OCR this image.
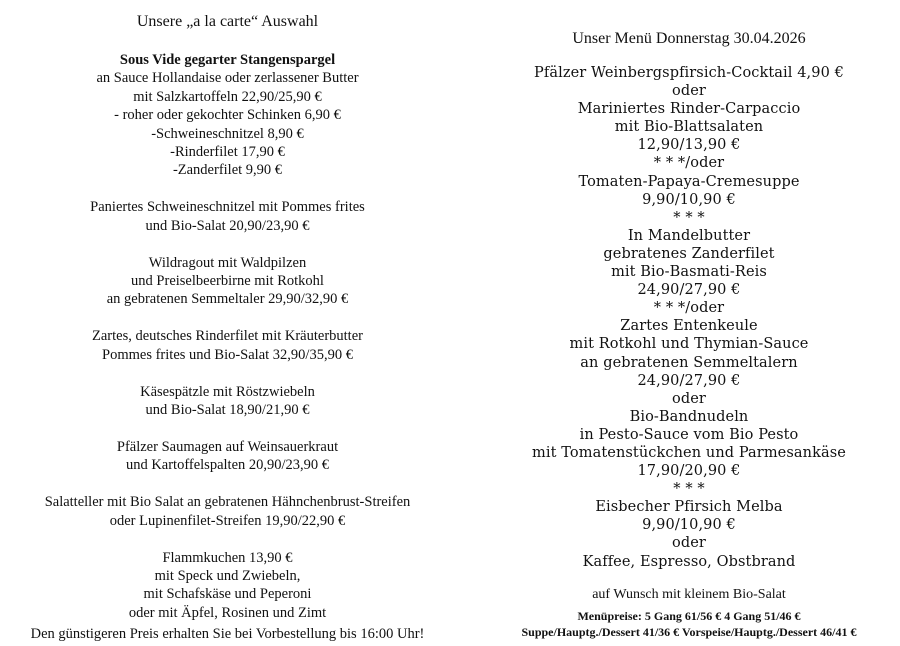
Unsere „a la carte“ Auswahl
Sous Vide gegarter Stangenspargel
an Sauce Hollandaise oder zerlassener Butter
mit Salzkartoffeln 22,90/25,90 €
- roher oder gekochter Schinken 6,90 €
-Schweineschnitzel 8,90 €
-Rinderfilet 17,90 €
-Zanderfilet 9,90 €
Paniertes Schweineschnitzel mit Pommes frites
und Bio-Salat 20,90/23,90 €
Wildragout mit Waldpilzen
und Preiselbeerbirne mit Rotkohl
an gebratenen Semmeltaler 29,90/32,90 €
Zartes, deutsches Rinderfilet mit Kräuterbutter
Pommes frites und Bio-Salat 32,90/35,90 €
Käsespätzle mit Röstzwiebeln
und Bio-Salat 18,90/21,90 €
Pfälzer Saumagen auf Weinsauerkraut
und Kartoffelspalten 20,90/23,90 €
Salatteller mit Bio Salat an gebratenen Hähnchenbrust-Streifen
oder Lupinenfilet-Streifen 19,90/22,90 €
Flammkuchen 13,90 €
mit Speck und Zwiebeln,
mit Schafskäse und Peperoni
oder mit Äpfel, Rosinen und Zimt
Den günstigeren Preis erhalten Sie bei Vorbestellung bis 16:00 Uhr!
Unser Menü Donnerstag 30.04.2026
Pfälzer Weinbergspfirsich-Cocktail 4,90 €
oder
Mariniertes Rinder-Carpaccio
mit Bio-Blattsalaten
12,90/13,90 €
* * */oder
Tomaten-Papaya-Cremesuppe
9,90/10,90 €
* * *
In Mandelbutter
gebratenes Zanderfilet
mit Bio-Basmati-Reis
24,90/27,90 €
* * */oder
Zartes Entenkeule
mit Rotkohl und Thymian-Sauce
an gebratenen Semmeltalern
24,90/27,90 €
oder
Bio-Bandnudeln
in Pesto-Sauce vom Bio Pesto
mit Tomatenstückchen und Parmesankäse
17,90/20,90 €
* * *
Eisbecher Pfirsich Melba
9,90/10,90 €
oder
Kaffee, Espresso, Obstbrand
auf Wunsch mit kleinem Bio-Salat
Menüpreise: 5 Gang 61/56 € 4 Gang 51/46 €
Suppe/Hauptg./Dessert 41/36 € Vorspeise/Hauptg./Dessert 46/41 €
